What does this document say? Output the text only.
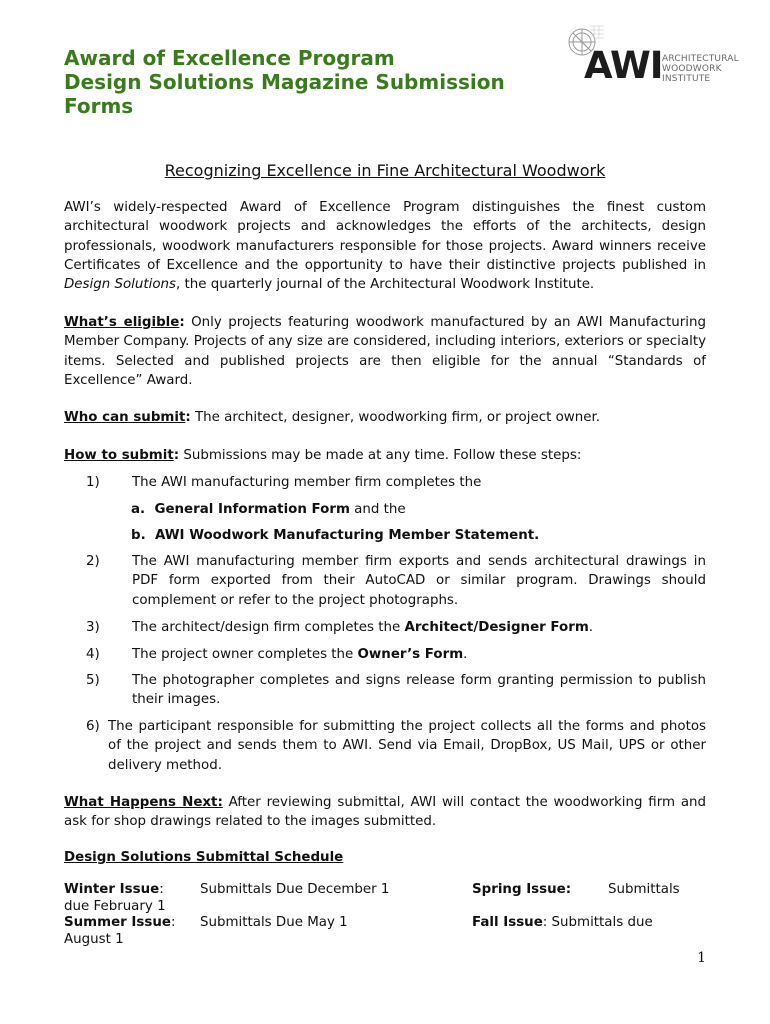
Award of Excellence Program
Design Solutions Magazine Submission
Forms
AWI ARCHITECTURAL
WOODWORK
INSTITUTE
Recognizing Excellence in Fine Architectural Woodwork
AWI’s widely-respected Award of Excellence Program distinguishes the finest custom architectural woodwork projects and acknowledges the efforts of the architects, design professionals, woodwork manufacturers responsible for those projects. Award winners receive Certificates of Excellence and the opportunity to have their distinctive projects published in Design Solutions, the quarterly journal of the Architectural Woodwork Institute.
What’s eligible: Only projects featuring woodwork manufactured by an AWI Manufacturing Member Company. Projects of any size are considered, including interiors, exteriors or specialty items. Selected and published projects are then eligible for the annual “Standards of Excellence” Award.
Who can submit: The architect, designer, woodworking firm, or project owner.
How to submit: Submissions may be made at any time. Follow these steps:
1) The AWI manufacturing member firm completes the
a. General Information Form and the
b. AWI Woodwork Manufacturing Member Statement.
2) The AWI manufacturing member firm exports and sends architectural drawings in PDF form exported from their AutoCAD or similar program. Drawings should complement or refer to the project photographs.
3) The architect/design firm completes the Architect/Designer Form.
4) The project owner completes the Owner’s Form.
5) The photographer completes and signs release form granting permission to publish their images.
6) The participant responsible for submitting the project collects all the forms and photos of the project and sends them to AWI. Send via Email, DropBox, US Mail, UPS or other delivery method.
What Happens Next: After reviewing submittal, AWI will contact the woodworking firm and ask for shop drawings related to the images submitted.
Design Solutions Submittal Schedule
Winter Issue:	Submittals Due December 1	Spring Issue:	Submittals
due February 1
Summer Issue: Submittals Due May 1	Fall Issue: Submittals due
August 1
1
